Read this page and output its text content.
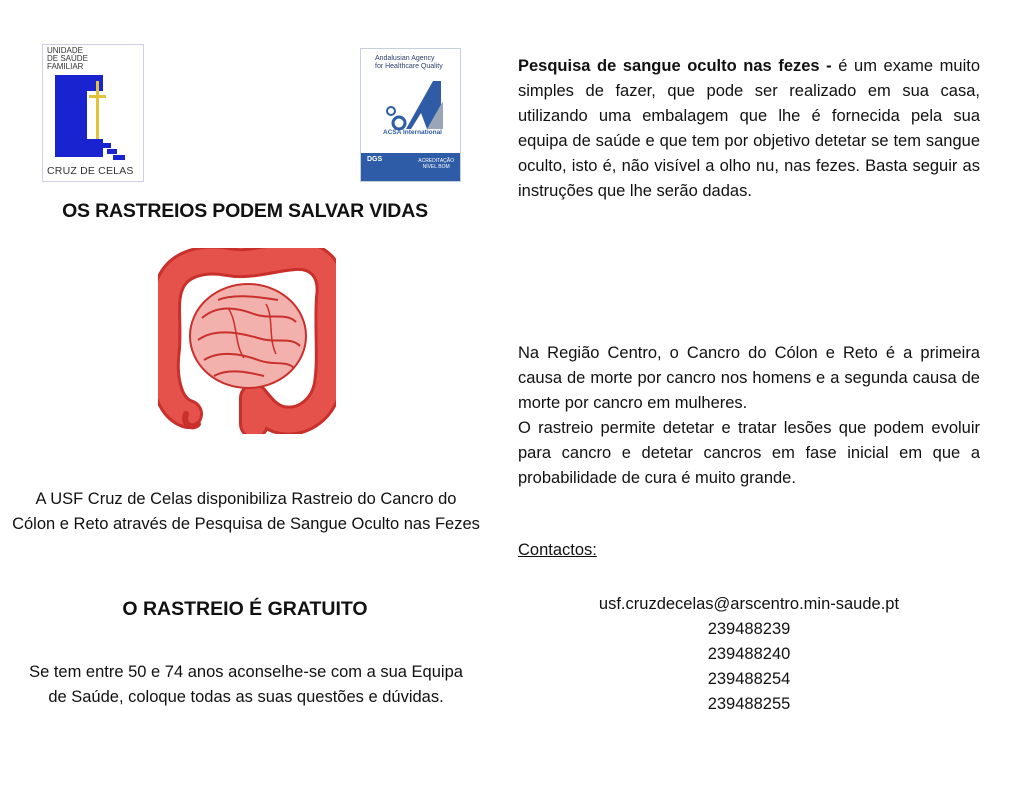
UNIDADE
DE SAÚDE
FAMILIAR
CRUZ DE CELAS
Andalusian Agency
for Healthcare Quality
ACSA International
DGS	ACREDITAÇÃO
NÍVEL BOM
OS RASTREIOS PODEM SALVAR VIDAS
A USF Cruz de Celas disponibiliza Rastreio do Cancro do Cólon e Reto através de Pesquisa de Sangue Oculto nas Fezes
O RASTREIO É GRATUITO
Se tem entre 50 e 74 anos aconselhe-se com a sua Equipa de Saúde, coloque todas as suas questões e dúvidas.
Pesquisa de sangue oculto nas fezes - é um exame muito simples de fazer, que pode ser realizado em sua casa, utilizando uma embalagem que lhe é fornecida pela sua equipa de saúde e que tem por objetivo detetar se tem sangue oculto, isto é, não visível a olho nu, nas fezes. Basta seguir as instruções que lhe serão dadas.
Na Região Centro, o Cancro do Cólon e Reto é a primeira causa de morte por cancro nos homens e a segunda causa de morte por cancro em mulheres.
O rastreio permite detetar e tratar lesões que podem evoluir para cancro e detetar cancros em fase inicial em que a probabilidade de cura é muito grande.
Contactos:
usf.cruzdecelas@arscentro.min-saude.pt
239488239
239488240
239488254
239488255
